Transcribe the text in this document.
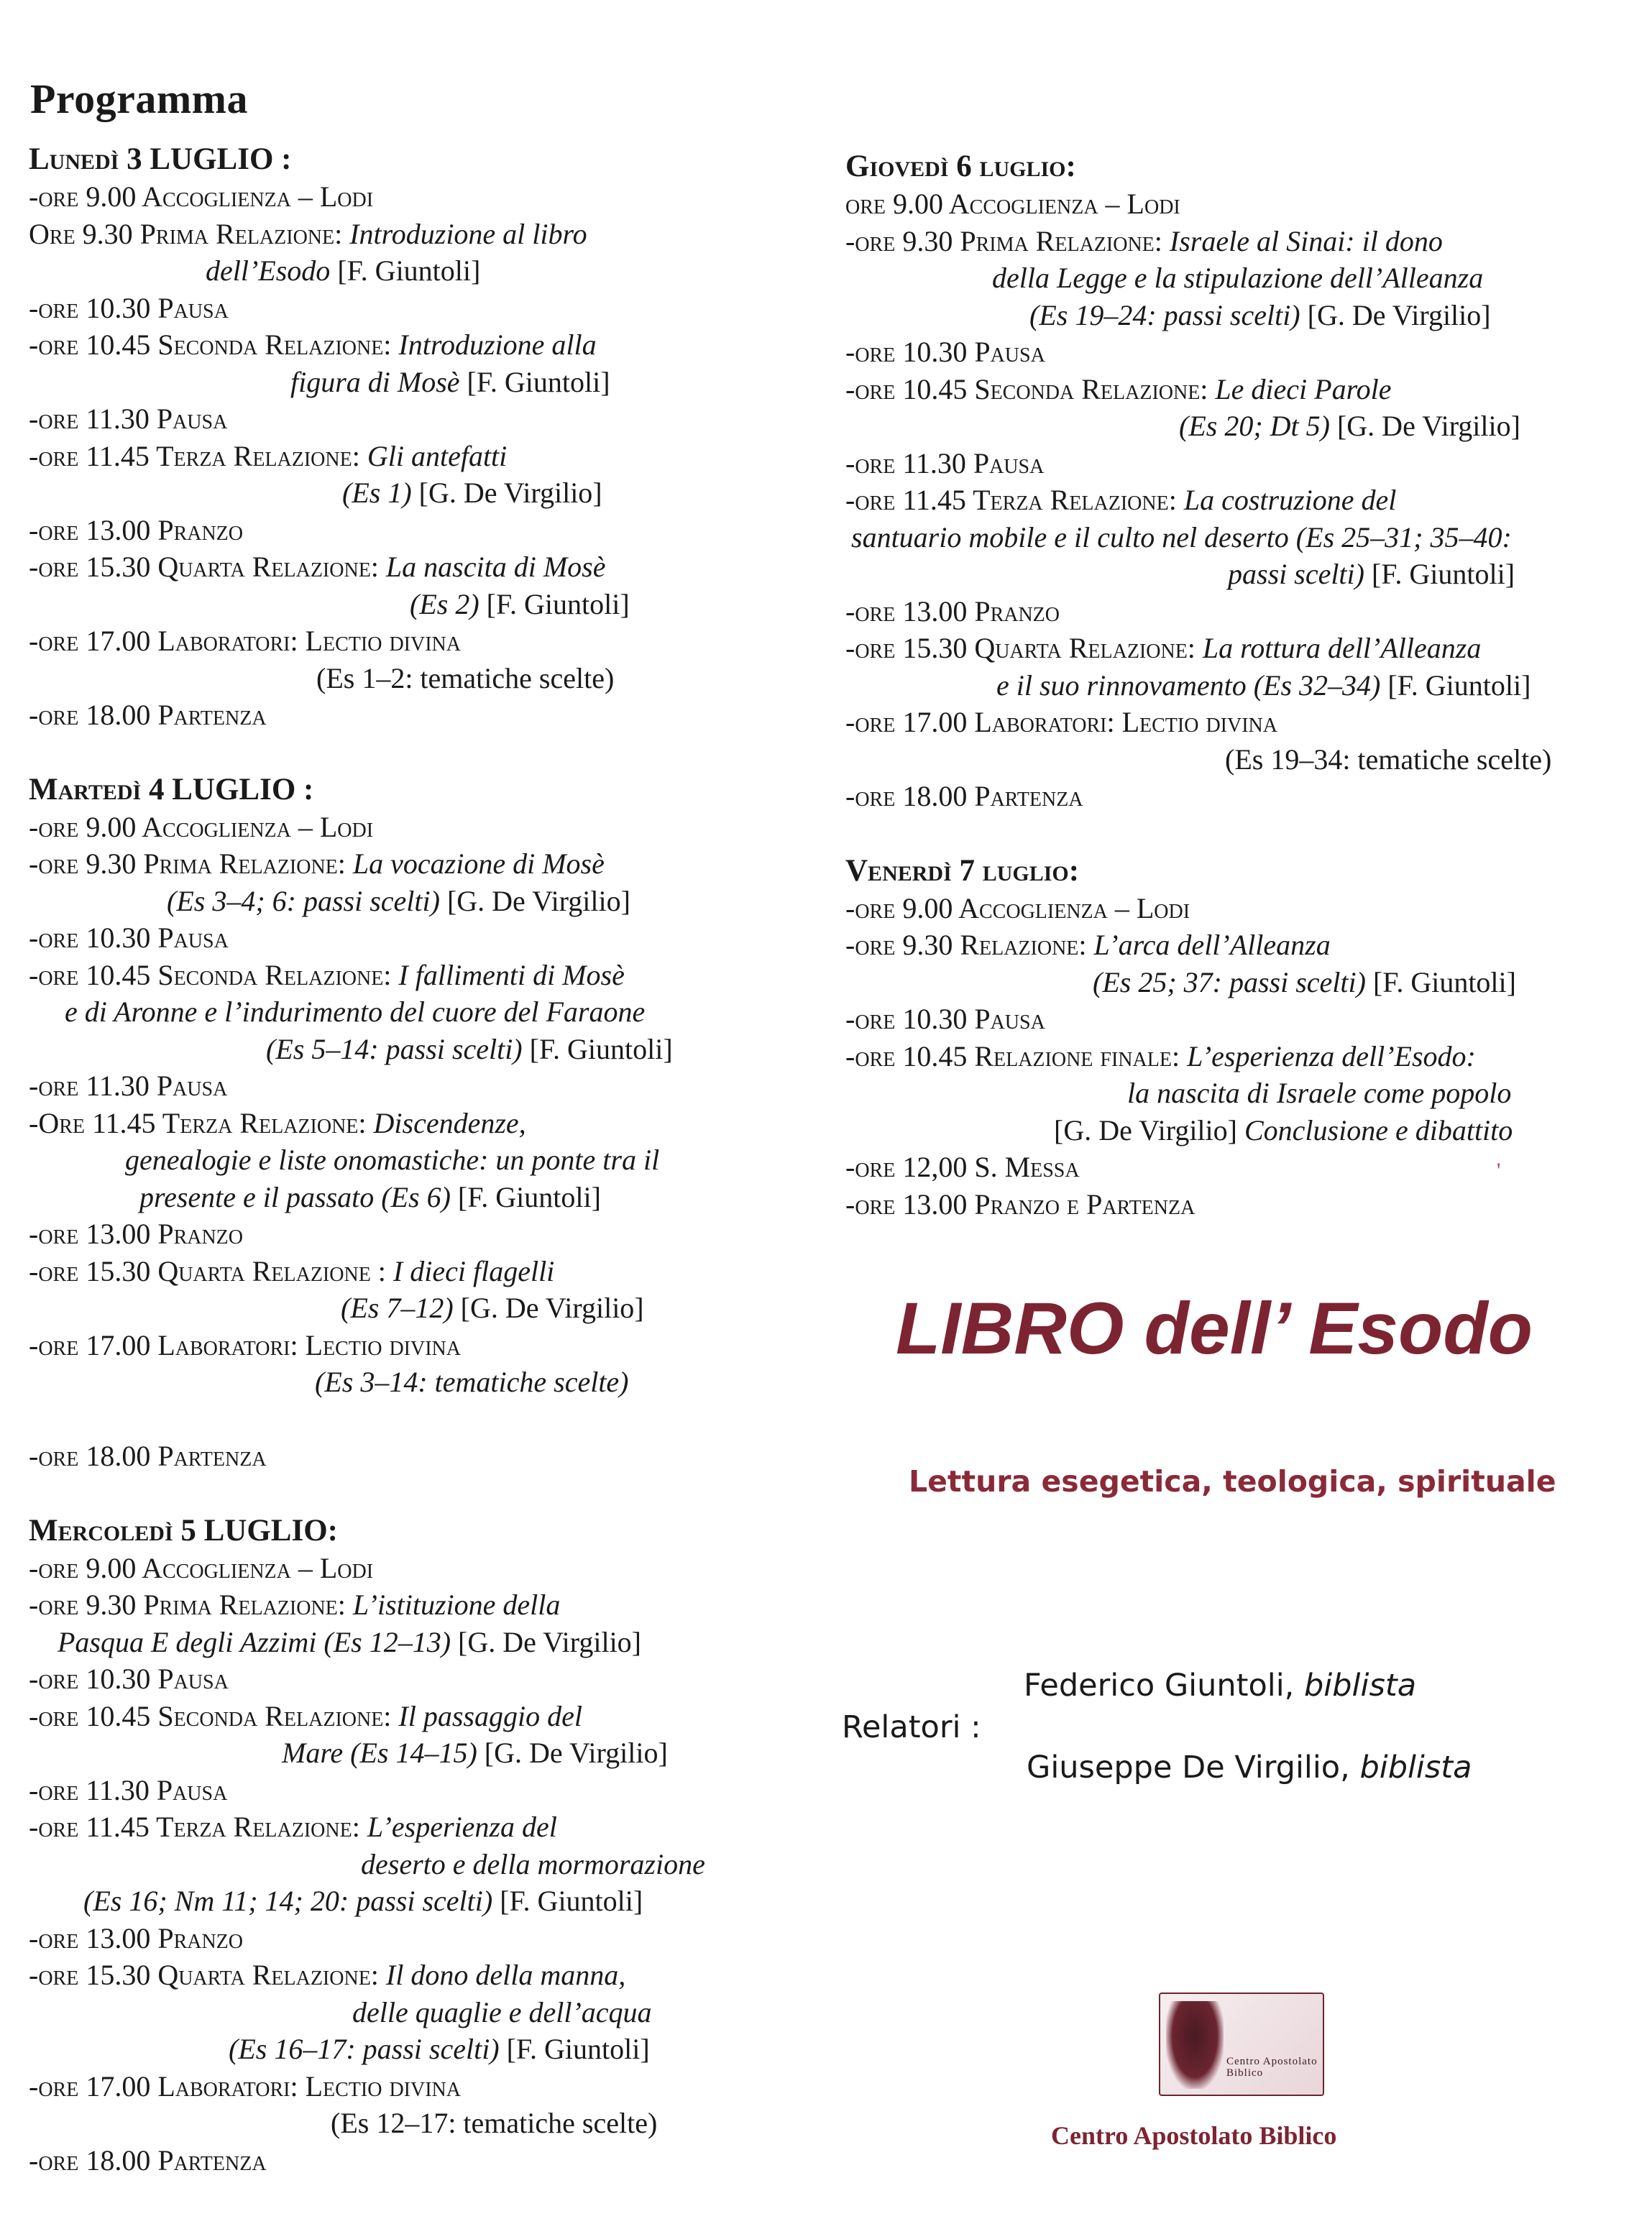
Programma
Lunedì 3 LUGLIO :
-ore 9.00 Accoglienza – Lodi
Ore 9.30 Prima Relazione: Introduzione al libro
dell’Esodo [F. Giuntoli]
-ore 10.30 Pausa
-ore 10.45 Seconda Relazione: Introduzione alla
figura di Mosè [F. Giuntoli]
-ore 11.30 Pausa
-ore 11.45 Terza Relazione: Gli antefatti
(Es 1) [G. De Virgilio]
-ore 13.00 Pranzo
-ore 15.30 Quarta Relazione: La nascita di Mosè
(Es 2) [F. Giuntoli]
-ore 17.00 Laboratori: Lectio divina
(Es 1–2: tematiche scelte)
-ore 18.00 Partenza
Martedì 4 LUGLIO :
-ore 9.00 Accoglienza – Lodi
-ore 9.30 Prima Relazione: La vocazione di Mosè
(Es 3–4; 6: passi scelti) [G. De Virgilio]
-ore 10.30 Pausa
-ore 10.45 Seconda Relazione: I fallimenti di Mosè
e di Aronne e l’indurimento del cuore del Faraone
(Es 5–14: passi scelti) [F. Giuntoli]
-ore 11.30 Pausa
-Ore 11.45 Terza Relazione: Discendenze,
genealogie e liste onomastiche: un ponte tra il
presente e il passato (Es 6) [F. Giuntoli]
-ore 13.00 Pranzo
-ore 15.30 Quarta Relazione : I dieci flagelli
(Es 7–12) [G. De Virgilio]
-ore 17.00 Laboratori: Lectio divina
(Es 3–14: tematiche scelte)
-ore 18.00 Partenza
Mercoledì 5 LUGLIO:
-ore 9.00 Accoglienza – Lodi
-ore 9.30 Prima Relazione: L’istituzione della
Pasqua E degli Azzimi (Es 12–13) [G. De Virgilio]
-ore 10.30 Pausa
-ore 10.45 Seconda Relazione: Il passaggio del
Mare (Es 14–15) [G. De Virgilio]
-ore 11.30 Pausa
-ore 11.45 Terza Relazione: L’esperienza del
deserto e della mormorazione
(Es 16; Nm 11; 14; 20: passi scelti) [F. Giuntoli]
-ore 13.00 Pranzo
-ore 15.30 Quarta Relazione: Il dono della manna,
delle quaglie e dell’acqua
(Es 16–17: passi scelti) [F. Giuntoli]
-ore 17.00 Laboratori: Lectio divina
(Es 12–17: tematiche scelte)
-ore 18.00 Partenza
Giovedì 6 luglio:
ore 9.00 Accoglienza – Lodi
-ore 9.30 Prima Relazione: Israele al Sinai: il dono
della Legge e la stipulazione dell’Alleanza
(Es 19–24: passi scelti) [G. De Virgilio]
-ore 10.30 Pausa
-ore 10.45 Seconda Relazione: Le dieci Parole
(Es 20; Dt 5) [G. De Virgilio]
-ore 11.30 Pausa
-ore 11.45 Terza Relazione: La costruzione del
santuario mobile e il culto nel deserto (Es 25–31; 35–40:
passi scelti) [F. Giuntoli]
-ore 13.00 Pranzo
-ore 15.30 Quarta Relazione: La rottura dell’Alleanza
e il suo rinnovamento (Es 32–34) [F. Giuntoli]
-ore 17.00 Laboratori: Lectio divina
(Es 19–34: tematiche scelte)
-ore 18.00 Partenza
Venerdì 7 luglio:
-ore 9.00 Accoglienza – Lodi
-ore 9.30 Relazione: L’arca dell’Alleanza
(Es 25; 37: passi scelti) [F. Giuntoli]
-ore 10.30 Pausa
-ore 10.45 Relazione finale: L’esperienza dell’Esodo:
la nascita di Israele come popolo
[G. De Virgilio] Conclusione e dibattito
-ore 12,00 S. Messa
-ore 13.00 Pranzo e Partenza
'
LIBRO dell’ Esodo
Lettura esegetica, teologica, spirituale
Federico Giuntoli, biblista
Relatori :
Giuseppe De Virgilio, biblista
Centro Apostolato Biblico
Centro Apostolato Biblico
